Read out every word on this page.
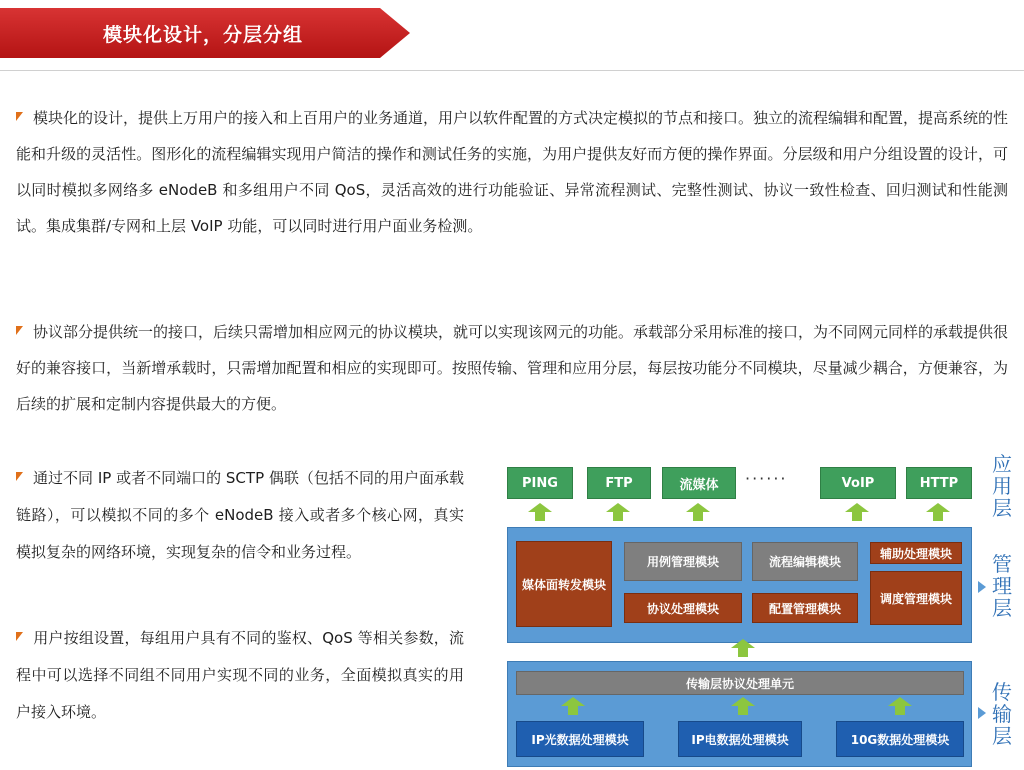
模块化设计，分层分组
模块化的设计，提供上万用户的接入和上百用户的业务通道，用户以软件配置的方式决定模拟的节点和接口。独立的流程编辑和配置，提高系统的性能和升级的灵活性。图形化的流程编辑实现用户简洁的操作和测试任务的实施，为用户提供友好而方便的操作界面。分层级和用户分组设置的设计，可以同时模拟多网络多 eNodeB 和多组用户不同 QoS，灵活高效的进行功能验证、异常流程测试、完整性测试、协议一致性检查、回归测试和性能测试。集成集群/专网和上层 VoIP 功能，可以同时进行用户面业务检测。
协议部分提供统一的接口，后续只需增加相应网元的协议模块，就可以实现该网元的功能。承载部分采用标准的接口，为不同网元同样的承载提供很好的兼容接口，当新增承载时，只需增加配置和相应的实现即可。按照传输、管理和应用分层，每层按功能分不同模块，尽量减少耦合，方便兼容，为后续的扩展和定制内容提供最大的方便。
通过不同 IP 或者不同端口的 SCTP 偶联（包括不同的用户面承载链路），可以模拟不同的多个 eNodeB 接入或者多个核心网，真实模拟复杂的网络环境，实现复杂的信令和业务过程。
用户按组设置，每组用户具有不同的鉴权、QoS 等相关参数，流程中可以选择不同组不同用户实现不同的业务，全面模拟真实的用户接入环境。
PING	FTP	流媒体	······	VoIP	HTTP
应用层
媒体面转发模块
用例管理模块	流程编辑模块
辅助处理模块
协议处理模块	配置管理模块
调度管理模块
管理层
传输层协议处理单元
IP光数据处理模块	IP电数据处理模块	10G数据处理模块
传输层
